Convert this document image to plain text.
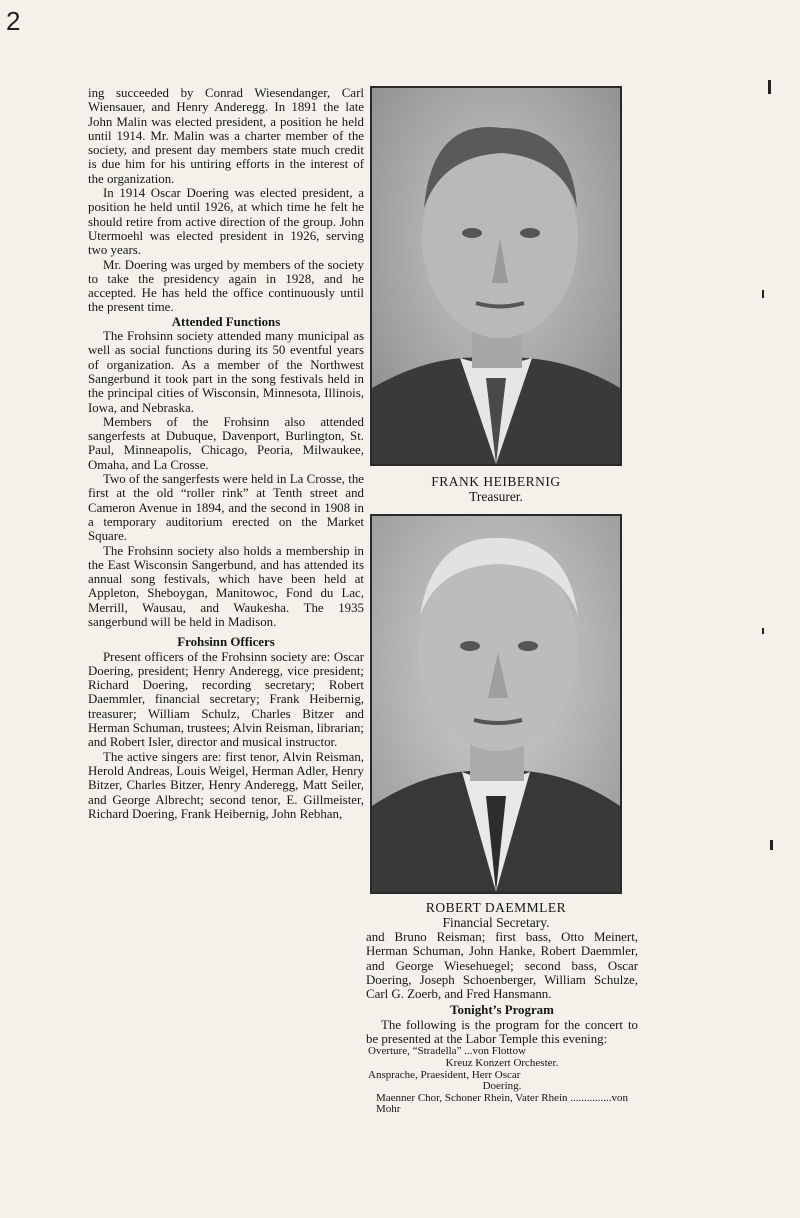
2

ing succeeded by Conrad Wiesendanger, Carl Wiensauer, and Henry Anderegg. In 1891 the late John Malin was elected president, a position he held until 1914. Mr. Malin was a charter member of the society, and present day members state much credit is due him for his untiring efforts in the interest of the organization.

In 1914 Oscar Doering was elected president, a position he held until 1926, at which time he felt he should retire from active direction of the group. John Utermoehl was elected president in 1926, serving two years.

Mr. Doering was urged by members of the society to take the presidency again in 1928, and he accepted. He has held the office continuously until the present time.

Attended Functions

The Frohsinn society attended many municipal as well as social functions during its 50 eventful years of organization. As a member of the Northwest Sangerbund it took part in the song festivals held in the principal cities of Wisconsin, Minnesota, Illinois, Iowa, and Nebraska.

Members of the Frohsinn also attended sangerfests at Dubuque, Davenport, Burlington, St. Paul, Minneapolis, Chicago, Peoria, Milwaukee, Omaha, and La Crosse.

Two of the sangerfests were held in La Crosse, the first at the old “roller rink” at Tenth street and Cameron Avenue in 1894, and the second in 1908 in a temporary auditorium erected on the Market Square.

The Frohsinn society also holds a membership in the East Wisconsin Sangerbund, and has attended its annual song festivals, which have been held at Appleton, Sheboygan, Manitowoc, Fond du Lac, Merrill, Wausau, and Waukesha. The 1935 sangerbund will be held in Madison.

Frohsinn Officers

Present officers of the Frohsinn society are: Oscar Doering, president; Henry Anderegg, vice president; Richard Doering, recording secretary; Robert Daemmler, financial secretary; Frank Heibernig, treasurer; William Schulz, Charles Bitzer and Herman Schuman, trustees; Alvin Reisman, librarian; and Robert Isler, director and musical instructor.

The active singers are: first tenor, Alvin Reisman, Herold Andreas, Louis Weigel, Herman Adler, Henry Bitzer, Charles Bitzer, Henry Anderegg, Matt Seiler, and George Albrecht; second tenor, E. Gillmeister, Richard Doering, Frank Heibernig, John Rebhan,

FRANK HEIBERNIG
Treasurer.
ROBERT DAEMMLER
Financial Secretary.

and Bruno Reisman; first bass, Otto Meinert, Herman Schuman, John Hanke, Robert Daemmler, and George Wiesehuegel; second bass, Oscar Doering, Joseph Schoenberger, William Schulze, Carl G. Zoerb, and Fred Hansmann.

Tonight’s Program

The following is the program for the concert to be presented at the Labor Temple this evening:

Overture, “Stradella” ...von Flottow
Kreuz Konzert Orchester.
Ansprache, Praesident, Herr Oscar
Doering.
Maenner Chor, Schoner Rhein, Vater Rhein ...............von Mohr
